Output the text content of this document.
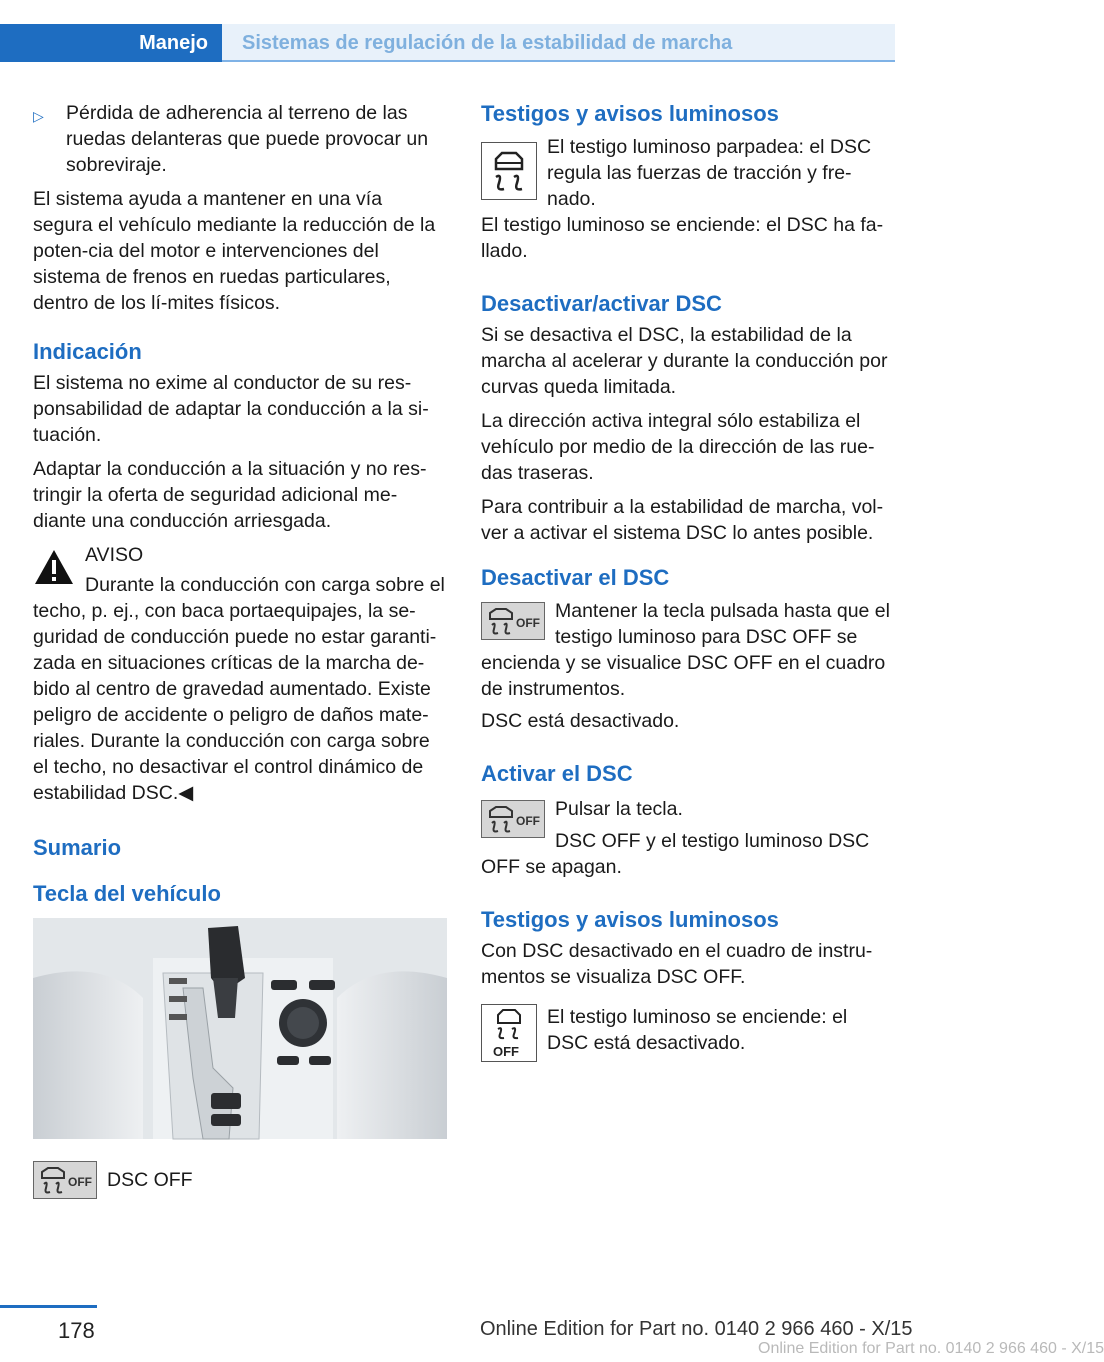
Manejo	Sistemas de regulación de la estabilidad de marcha
▷	Pérdida de adherencia al terreno de las ruedas delanteras que puede provocar un sobreviraje.

El sistema ayuda a mantener en una vía segura el vehículo mediante la reducción de la poten‐cia del motor e intervenciones del sistema de frenos en ruedas particulares, dentro de los lí‐mites físicos.

Indicación

El sistema no exime al conductor de su res‐ponsabilidad de adaptar la conducción a la si‐tuación.

Adaptar la conducción a la situación y no res‐tringir la oferta de seguridad adicional me‐diante una conducción arriesgada.

AVISO
Durante la conducción con carga sobre el techo, p. ej., con baca portaequipajes, la se‐guridad de conducción puede no estar garanti‐zada en situaciones críticas de la marcha de‐bido al centro de gravedad aumentado. Existe peligro de accidente o peligro de daños mate‐riales. Durante la conducción con carga sobre el techo, no desactivar el control dinámico de estabilidad DSC.◀
Sumario
Tecla del vehículo
OFF DSC OFF
Testigos y avisos luminosos
El testigo luminoso parpadea: el DSC regula las fuerzas de tracción y fre‐nado.

El testigo luminoso se enciende: el DSC ha fa‐llado.

Desactivar/activar DSC

Si se desactiva el DSC, la estabilidad de la marcha al acelerar y durante la conducción por curvas queda limitada.

La dirección activa integral sólo estabiliza el vehículo por medio de la dirección de las rue‐das traseras.

Para contribuir a la estabilidad de marcha, vol‐ver a activar el sistema DSC lo antes posible.

Desactivar el DSC
OFF
Mantener la tecla pulsada hasta que el testigo luminoso para DSC OFF se encienda y se visualice DSC OFF en el cuadro de instrumentos.

DSC está desactivado.

Activar el DSC
OFF
Pulsar la tecla.
DSC OFF y el testigo luminoso DSC OFF se apagan.
Testigos y avisos luminosos

Con DSC desactivado en el cuadro de instru‐mentos se visualiza DSC OFF.

OFF
El testigo luminoso se enciende: el DSC está desactivado.
178	Online Edition for Part no. 0140 2 966 460 - X/15
Online Edition for Part no. 0140 2 966 460 - X/15
